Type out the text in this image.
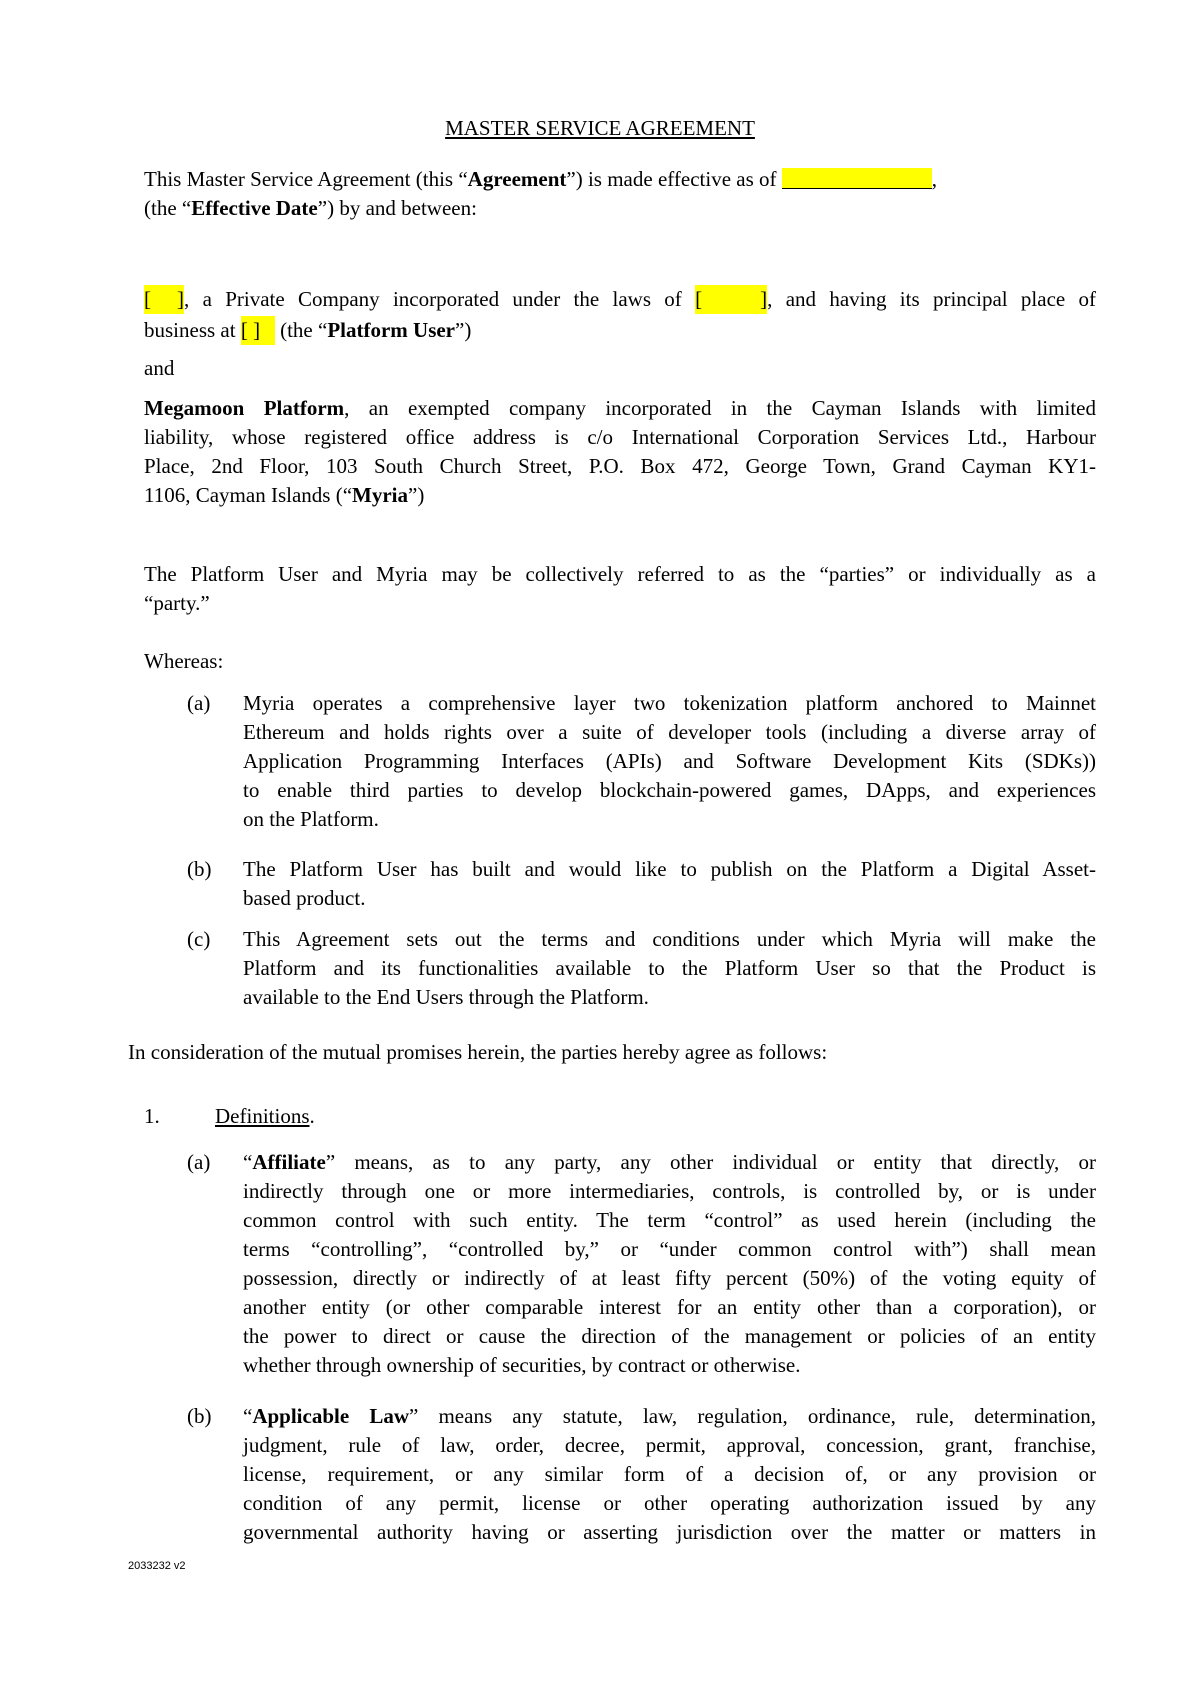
MASTER SERVICE AGREEMENT
This Master Service Agreement (this “Agreement”) is made effective as of	,
(the “Effective Date”) by and between:
[ ], a Private Company incorporated under the laws of [ ], and having its principal place of
business at [ ] (the “Platform User”)
and
Megamoon Platform, an exempted company incorporated in the Cayman Islands with limited
liability, whose registered office address is c/o International Corporation Services Ltd., Harbour
Place, 2nd Floor, 103 South Church Street, P.O. Box 472, George Town, Grand Cayman KY1-
1106, Cayman Islands (“Myria”)
The Platform User and Myria may be collectively referred to as the “parties” or individually as a
“party.”
Whereas:
(a) Myria operates a comprehensive layer two tokenization platform anchored to Mainnet
Ethereum and holds rights over a suite of developer tools (including a diverse array of
Application Programming Interfaces (APIs) and Software Development Kits (SDKs))
to enable third parties to develop blockchain-powered games, DApps, and experiences
on the Platform.
(b) The Platform User has built and would like to publish on the Platform a Digital Asset-
based product.
(c) This Agreement sets out the terms and conditions under which Myria will make the
Platform and its functionalities available to the Platform User so that the Product is
available to the End Users through the Platform.
In consideration of the mutual promises herein, the parties hereby agree as follows:
1.	Definitions.
(a) “Affiliate” means, as to any party, any other individual or entity that directly, or
indirectly through one or more intermediaries, controls, is controlled by, or is under
common control with such entity. The term “control” as used herein (including the
terms “controlling”, “controlled by,” or “under common control with”) shall mean
possession, directly or indirectly of at least fifty percent (50%) of the voting equity of
another entity (or other comparable interest for an entity other than a corporation), or
the power to direct or cause the direction of the management or policies of an entity
whether through ownership of securities, by contract or otherwise.
(b) “Applicable Law” means any statute, law, regulation, ordinance, rule, determination,
judgment, rule of law, order, decree, permit, approval, concession, grant, franchise,
license, requirement, or any similar form of a decision of, or any provision or
condition of any permit, license or other operating authorization issued by any
governmental authority having or asserting jurisdiction over the matter or matters in
2033232 v2
